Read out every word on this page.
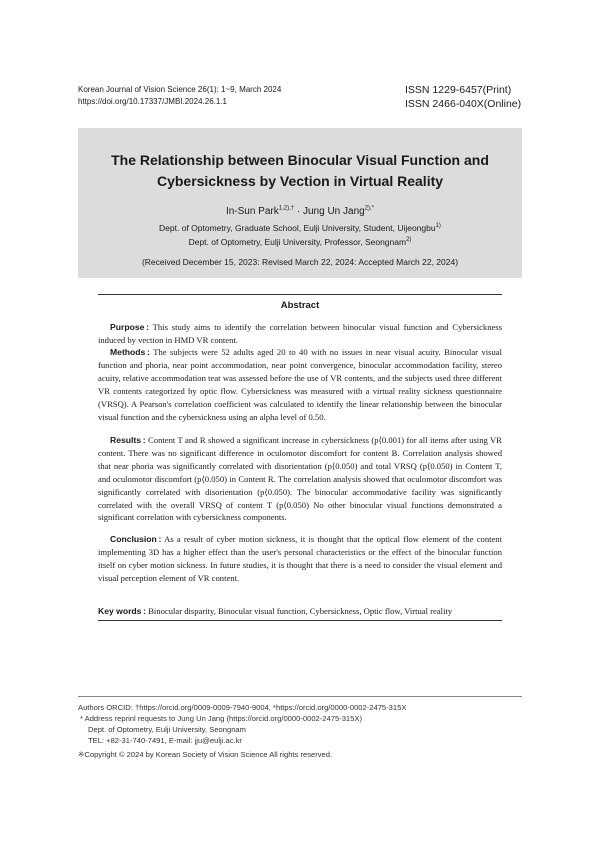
Korean Journal of Vision Science 26(1): 1~9, March 2024
https://doi.org/10.17337/JMBI.2024.26.1.1
ISSN 1229-6457(Print)
ISSN 2466-040X(Online)
The Relationship between Binocular Visual Function and
Cybersickness by Vection in Virtual Reality
In-Sun Park$^{1,2),\dagger}$ · Jung Un Jang$^{2),*}$
Dept. of Optometry, Graduate School, Eulji University, Student, Uijeongbu$^{1)}$
Dept. of Optometry, Eulji University, Professor, Seongnam$^{2)}$
(Received December 15, 2023: Revised March 22, 2024: Accepted March 22, 2024)
Abstract
Purpose : This study aims to identify the correlation between binocular visual function and Cybersickness induced by vection in HMD VR content.
Methods : The subjects were 52 adults aged 20 to 40 with no issues in near visual acuity. Binocular visual function and phoria, near point accommodation, near point convergence, binocular accommodation facility, stereo acuity, relative accommodation teat was assessed before the use of VR contents, and the subjects used three different VR contents categorized by optic flow. Cybersickness was measured with a virtual reality sickness questionnaire (VRSQ). A Pearson's correlation coefficient was calculated to identify the linear relationship between the binocular visual function and the cybersickness using an alpha level of 0.50.
Results : Content T and R showed a significant increase in cybersickness (p⟨0.001) for all items after using VR content. There was no significant difference in oculomotor discomfort for content B. Correlation analysis showed that near phoria was significantly correlated with disorientation (p⟨0.050) and total VRSQ (p⟨0.050) in Content T, and oculomotor discomfort (p⟨0.050) in Content R. The correlation analysis showed that oculomotor discomfort was significantly correlated with disorientation (p⟨0.050). The binocular accommodative facility was significantly correlated with the overall VRSQ of content T (p⟨0.050) No other binocular visual functions demonstrated a significant correlation with cybersickness components.
Conclusion : As a result of cyber motion sickness, it is thought that the optical flow element of the content implementing 3D has a higher effect than the user's personal characteristics or the effect of the binocular function itself on cyber motion sickness. In future studies, it is thought that there is a need to consider the visual element and visual perception element of VR content.
Key words : Binocular disparity, Binocular visual function, Cybersickness, Optic flow, Virtual reality
Authors ORCID: †https://orcid.org/0009-0009-7940-9004, *https://orcid.org/0000-0002-2475-315X
* Address reprinl requests to Jung Un Jang (https://orcid.org/0000-0002-2475-315X)
Dept. of Optometry, Eulji University, Seongnam
TEL: +82-31-740-7491, E-mail: jju@eulji.ac.kr
※Copyright © 2024 by Korean Society of Vision Science All rights reserved.
